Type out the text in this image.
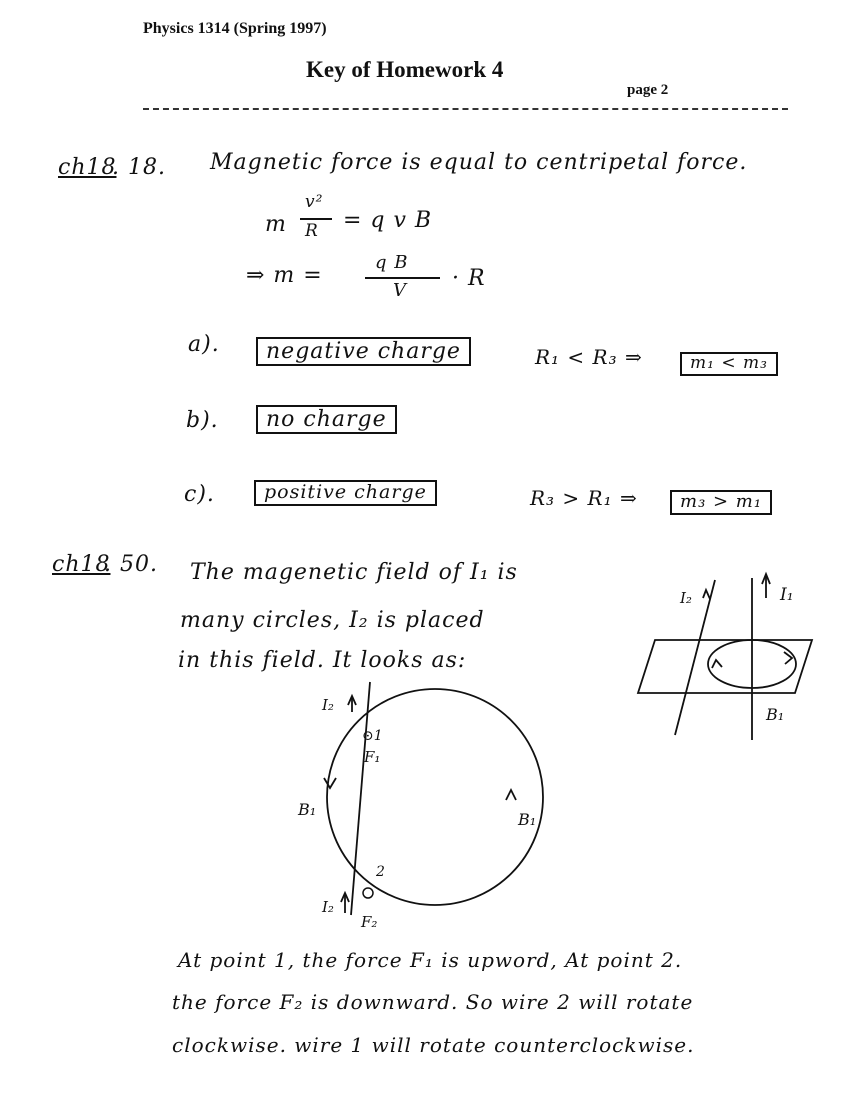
Physics 1314 (Spring 1997)
Key of Homework 4
page 2
ch18
. 18. Magnetic force is equal to centripetal force.
m
v²
R = q v B
⇒ m =
q B
V · R
a).	negative charge	R₁ < R₃ ⇒	m₁ < m₃
b).	no charge
c).	positive charge	R₃ > R₁ ⇒	m₃ > m₁
ch18
. 50. The magenetic field of I₁ is
many circles, I₂ is placed
in this field. It looks as:
I₂	I₁
B₁
I₂
⊙1
F₁
B₁
B₁
2
I₂
F₂
At point 1, the force F₁ is upword, At point 2.
the force F₂ is downward. So wire 2 will rotate
clockwise. wire 1 will rotate counterclockwise.
